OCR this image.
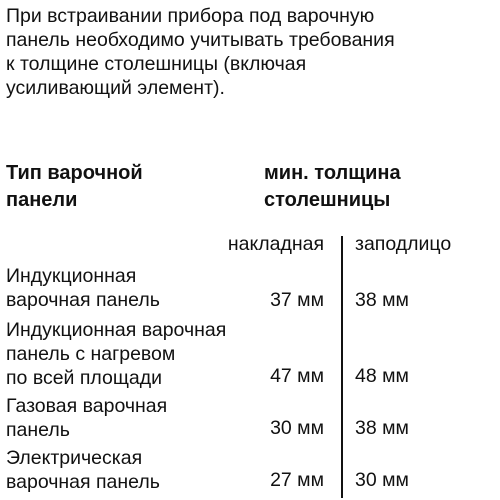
При встраивании прибора под варочную
панель необходимо учитывать требования
к толщине столешницы (включая
усиливающий элемент).

Тип варочной
панели
мин. толщина
столешницы
накладная заподлицо
Индукционная
варочная панель	37 мм 38 мм
Индукционная варочная
панель с нагревом
по всей площади	47 мм 48 мм
Газовая варочная
панель	30 мм 38 мм
Электрическая
варочная панель	27 мм 30 мм
